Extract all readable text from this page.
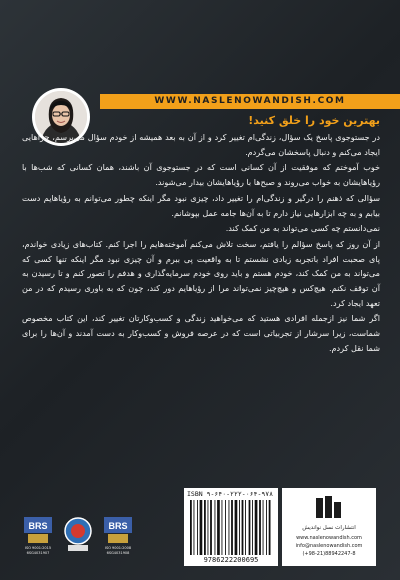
WWW.NASLENOWANDISH.COM
بهترین خود را خلق کنید!

در جستوجوی پاسخ یک سؤال، زندگی‌ام تغییر کرد و از آن به بعد همیشه از خودم سؤال می‌پرسم، چراهایی ایجاد می‌کنم و دنبال پاسخشان می‌گردم.

خوب آموختم که موفقیت از آن کسانی است که در جستوجوی آن باشند، همان کسانی که شب‌ها با رؤیاهایشان به خواب می‌روند و صبح‌ها با رؤیاهایشان بیدار می‌شوند.

سؤالی که ذهنم را درگیر و زندگی‌ام را تغییر داد، چیزی نبود مگر اینکه چطور می‌توانم به رؤیاهایم دست بیابم و به چه ابزارهایی نیاز دارم تا به آن‌ها جامه عمل بپوشانم.

نمی‌دانستم چه کسی می‌تواند به من کمک کند.

از آن روز که پاسخ سؤالم را یافتم، سخت تلاش می‌کنم آموخته‌هایم را اجرا کنم. کتاب‌های زیادی خواندم، پای صحبت افراد باتجربه زیادی نشستم تا به واقعیت پی ببرم و آن چیزی نبود مگر اینکه تنها کسی که می‌تواند به من کمک کند، خودم هستم و باید روی خودم سرمایه‌گذاری و هدفم را تصور کنم و تا رسیدن به آن توقف نکنم. هیچ‌کس و هیچ‌چیز نمی‌تواند مرا از رؤیاهایم دور کند، چون که به باوری رسیدم که در من تعهد ایجاد کرد.

اگر شما نیز ازجمله افرادی هستید که می‌خواهید زندگی و کسب‌وکارتان تغییر کند، این کتاب مخصوص شماست، زیرا سرشار از تجربیاتی است که در عرصه فروش و کسب‌وکار به دست آمدند و آن‌ها را برای شما نقل کردم.

BRS
ISO 9001:2015
6SG4031907
BRS
ISO 9001:2008
6SG4031908
ISBN ۹-۶۴۰-۲۲۲-۰۶۴-۹۷۸
9786222200695
انتشارات نسل نواندیش
www.naslenowandish.com
info@naslenowandish.com
(+98-21)88942247-8
